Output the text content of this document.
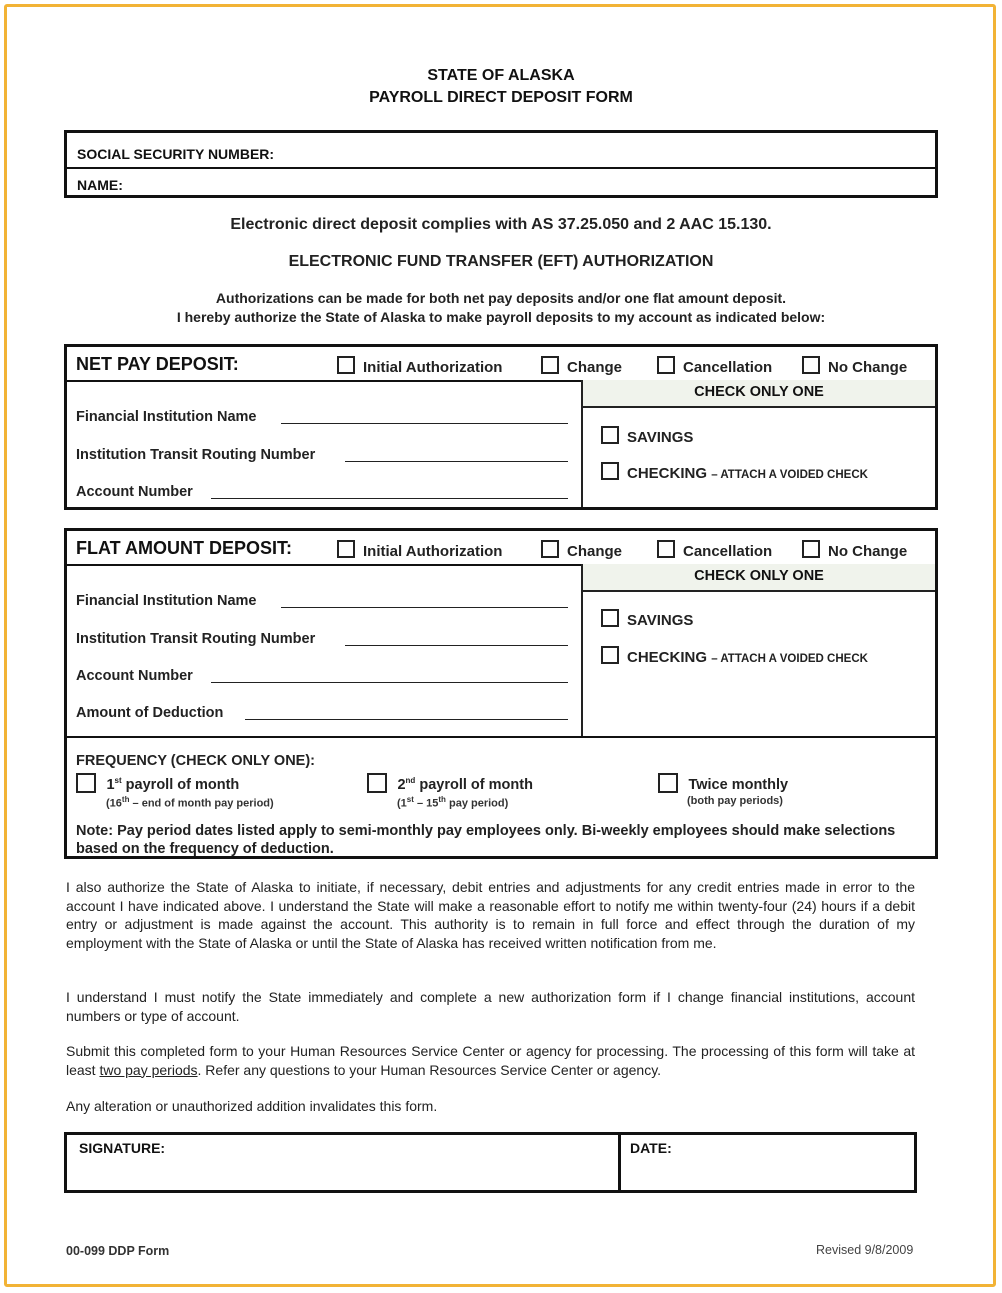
STATE OF ALASKA
PAYROLL DIRECT DEPOSIT FORM
SOCIAL SECURITY NUMBER:
NAME:
Electronic direct deposit complies with AS 37.25.050 and 2 AAC 15.130.
ELECTRONIC FUND TRANSFER (EFT) AUTHORIZATION
Authorizations can be made for both net pay deposits and/or one flat amount deposit.
I hereby authorize the State of Alaska to make payroll deposits to my account as indicated below:
NET PAY DEPOSIT:	Initial Authorization	Change	Cancellation	No Change
Financial Institution Name
Institution Transit Routing Number
Account Number
CHECK ONLY ONE
SAVINGS
CHECKING – ATTACH A VOIDED CHECK
FLAT AMOUNT DEPOSIT:	Initial Authorization	Change	Cancellation	No Change
Financial Institution Name
Institution Transit Routing Number
Account Number
Amount of Deduction
CHECK ONLY ONE
SAVINGS
CHECKING – ATTACH A VOIDED CHECK
FREQUENCY (CHECK ONLY ONE):
1st payroll of month
(16th – end of month pay period)
2nd payroll of month
(1st – 15th pay period)
Twice monthly
(both pay periods)
Note: Pay period dates listed apply to semi-monthly pay employees only. Bi-weekly employees should make selections based on the frequency of deduction.
I also authorize the State of Alaska to initiate, if necessary, debit entries and adjustments for any credit entries made in error to the account I have indicated above. I understand the State will make a reasonable effort to notify me within twenty-four (24) hours if a debit entry or adjustment is made against the account. This authority is to remain in full force and effect through the duration of my employment with the State of Alaska or until the State of Alaska has received written notification from me.
I understand I must notify the State immediately and complete a new authorization form if I change financial institutions, account numbers or type of account.
Submit this completed form to your Human Resources Service Center or agency for processing. The processing of this form will take at least two pay periods. Refer any questions to your Human Resources Service Center or agency.
Any alteration or unauthorized addition invalidates this form.
SIGNATURE:	DATE:
00-099 DDP Form	Revised 9/8/2009
